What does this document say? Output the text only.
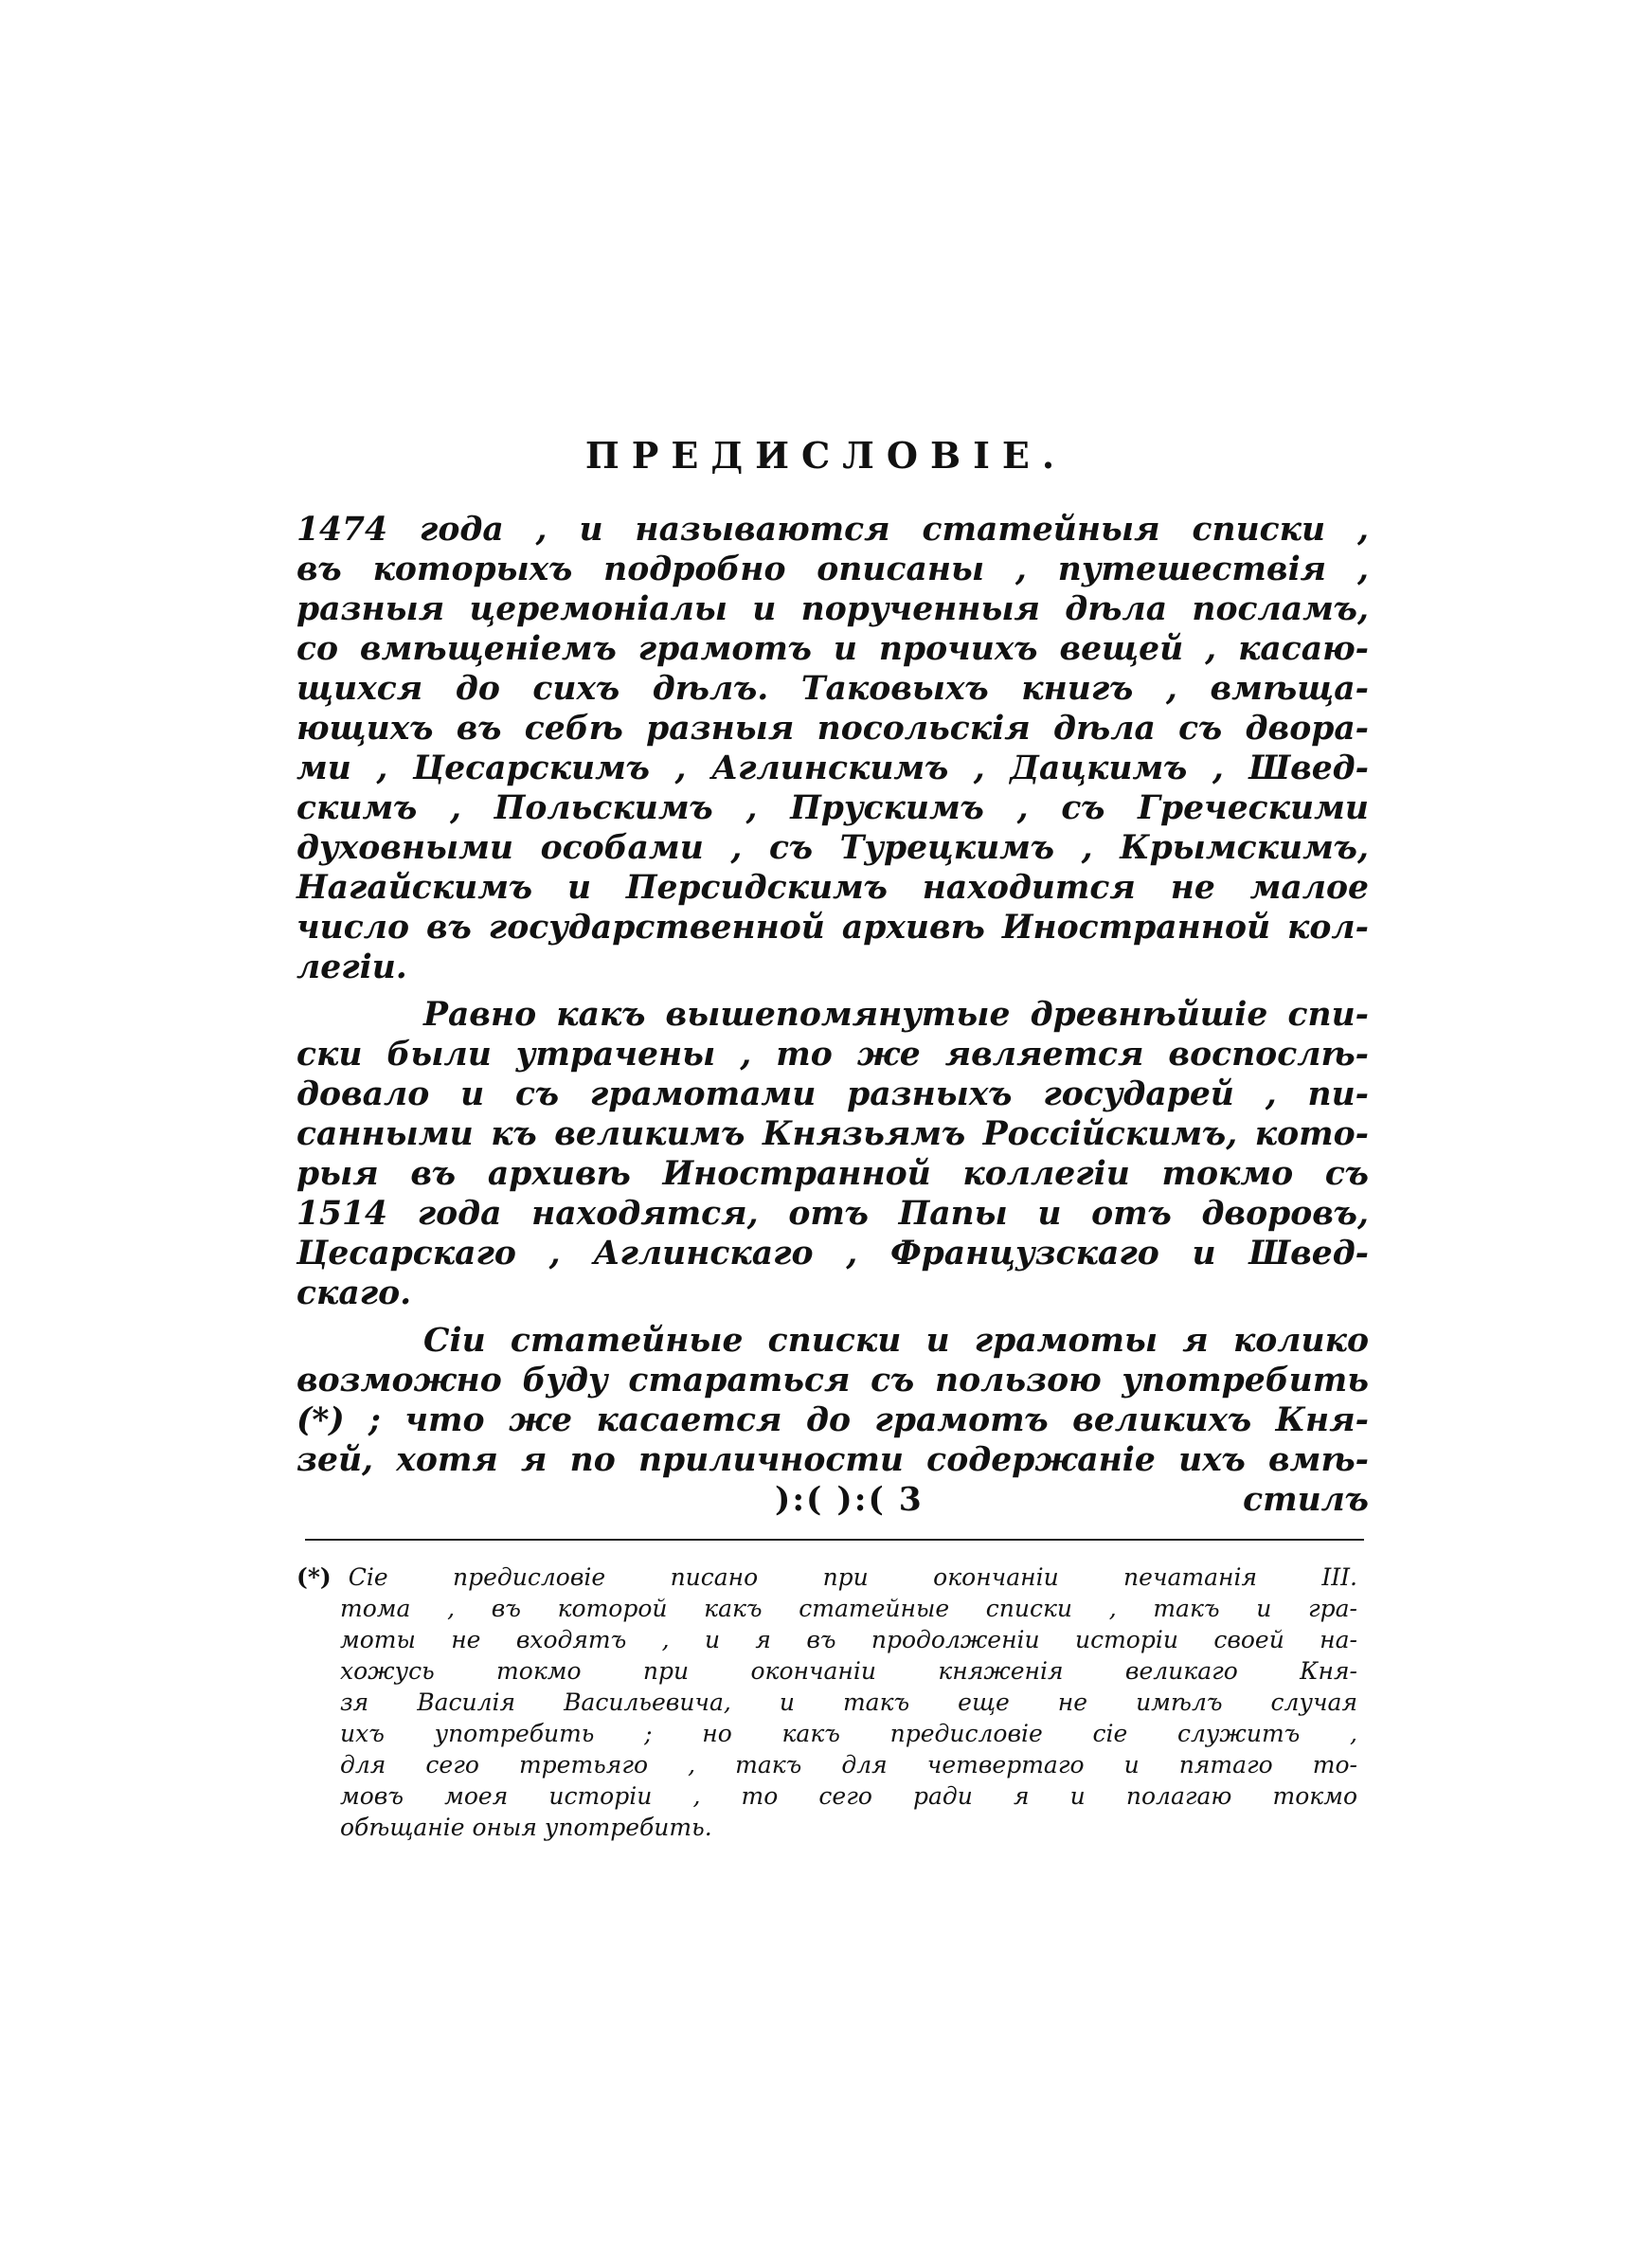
ПРЕДИСЛОВІЕ.
1474 года , и называются статейныя списки ,
въ которыхъ подробно описаны , путешествія ,
разныя церемоніалы и порученныя дѣла посламъ,
со вмѣщеніемъ грамотъ и прочихъ вещей , касаю-
щихся до сихъ дѣлъ. Таковыхъ книгъ , вмѣща-
ющихъ въ себѣ разныя посольскія дѣла съ двора-
ми , Цесарскимъ , Аглинскимъ , Дацкимъ , Швед-
скимъ , Польскимъ , Прускимъ , съ Греческими
духовными особами , съ Турецкимъ , Крымскимъ,
Нагайскимъ и Персидскимъ находится не малое
число въ государственной архивѣ Иностранной кол-
легіи.
Равно какъ вышепомянутые древнѣйшіе спи-
ски были утрачены , то же является воспослѣ-
довало и съ грамотами разныхъ государей , пи-
санными къ великимъ Князьямъ Россійскимъ, кото-
рыя въ архивѣ Иностранной коллегіи токмо съ
1514 года находятся, отъ Папы и отъ дворовъ,
Цесарскаго , Аглинскаго , Французскаго и Швед-
скаго.
Сіи статейные списки и грамоты я колико
возможно буду стараться съ пользою употребить
(*) ; что же касается до грамотъ великихъ Кня-
зей, хотя я по приличности содержаніе ихъ вмѣ-
):( ):( 3	стилъ
(*) Сіе предисловіе писано при окончаніи печатанія III.
тома , въ которой какъ статейные списки , такъ и гра-
моты не входятъ , и я въ продолженіи исторіи своей на-
хожусь токмо при окончаніи княженія великаго Кня-
зя Василія Васильевича, и такъ еще не имѣлъ случая
ихъ употребить ; но какъ предисловіе сіе служитъ ,
для сего третьяго , такъ для четвертаго и пятаго то-
мовъ моея исторіи , то сего ради я и полагаю токмо
обѣщаніе оныя употребить.
